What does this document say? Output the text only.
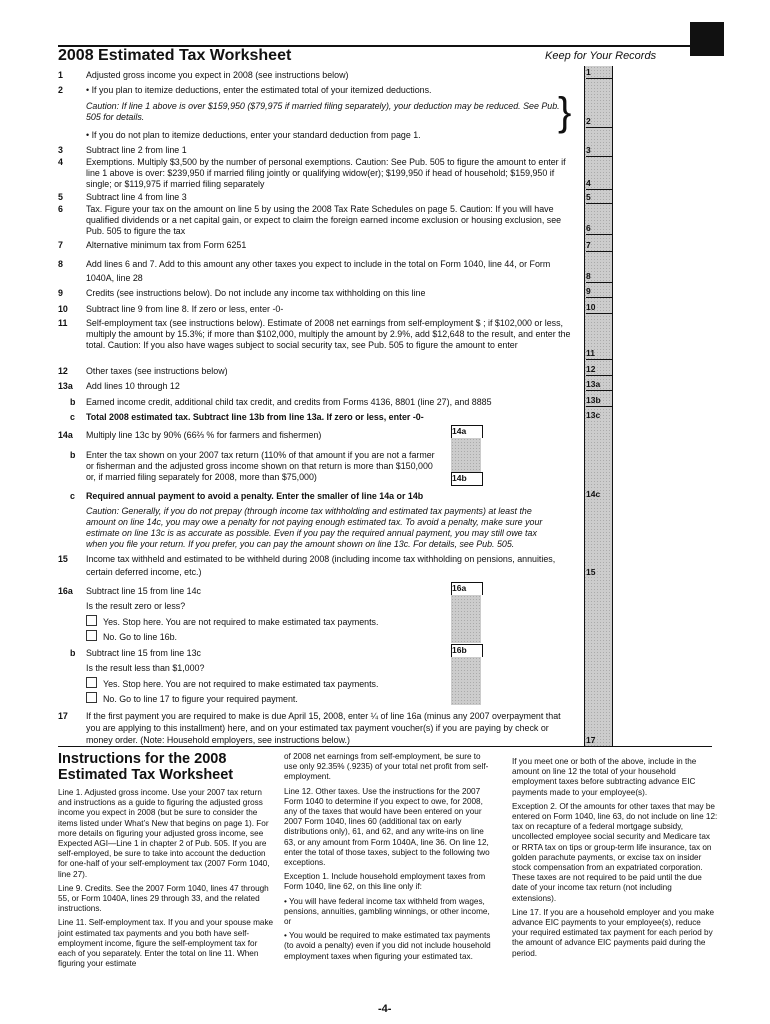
2008 Estimated Tax Worksheet	Keep for Your Records
1	Adjusted gross income you expect in 2008 (see instructions below)	1
2	• If you plan to itemize deductions, enter the estimated total of your itemized deductions.
Caution: If line 1 above is over $159,950 ($79,975 if married filing separately), your deduction may be reduced. See Pub. 505 for details.	}
• If you do not plan to itemize deductions, enter your standard deduction from page 1.
2
3	Subtract line 2 from line 1	3
4	Exemptions. Multiply $3,500 by the number of personal exemptions. Caution: See Pub. 505 to figure the amount to enter if line 1 above is over: $239,950 if married filing jointly or qualifying widow(er); $199,950 if head of household; $159,950 if single; or $119,975 if married filing separately	4
5	Subtract line 4 from line 3	5
6	Tax. Figure your tax on the amount on line 5 by using the 2008 Tax Rate Schedules on page 5. Caution: If you will have qualified dividends or a net capital gain, or expect to claim the foreign earned income exclusion or housing exclusion, see Pub. 505 to figure the tax	6
7	Alternative minimum tax from Form 6251	7
8	Add lines 6 and 7. Add to this amount any other taxes you expect to include in the total on Form 1040, line 44, or Form 1040A, line 28	8
9	Credits (see instructions below). Do not include any income tax withholding on this line	9
10 Subtract line 9 from line 8. If zero or less, enter -0-	10
11 Self-employment tax (see instructions below). Estimate of 2008 net earnings from self-employment $ ; if $102,000 or less, multiply the amount by 15.3%; if more than $102,000, multiply the amount by 2.9%, add $12,648 to the result, and enter the total. Caution: If you also have wages subject to social security tax, see Pub. 505 to figure the amount to enter
11
12 Other taxes (see instructions below)	12
13a Add lines 10 through 12	13a
b Earned income credit, additional child tax credit, and credits from Forms 4136, 8801 (line 27), and 8885	13b
c Total 2008 estimated tax. Subtract line 13b from line 13a. If zero or less, enter -0-	13c
14a Multiply line 13c by 90% (66⅔ % for farmers and fishermen)	14a
b Enter the tax shown on your 2007 tax return (110% of that amount if you are not a farmer or fisherman and the adjusted gross income shown on that return is more than $150,000 or, if married filing separately for 2008, more than $75,000)	14b
c Required annual payment to avoid a penalty. Enter the smaller of line 14a or 14b	14c
Caution: Generally, if you do not prepay (through income tax withholding and estimated tax payments) at least the amount on line 14c, you may owe a penalty for not paying enough estimated tax. To avoid a penalty, make sure your estimate on line 13c is as accurate as possible. Even if you pay the required annual payment, you may still owe tax when you file your return. If you prefer, you can pay the amount shown on line 13c. For details, see Pub. 505.
15 Income tax withheld and estimated to be withheld during 2008 (including income tax withholding on pensions, annuities, certain deferred income, etc.)	15
16a Subtract line 15 from line 14c	16a
Is the result zero or less?
Yes. Stop here. You are not required to make estimated tax payments.
No. Go to line 16b.
b Subtract line 15 from line 13c	16b
Is the result less than $1,000?
Yes. Stop here. You are not required to make estimated tax payments.
No. Go to line 17 to figure your required payment.
17 If the first payment you are required to make is due April 15, 2008, enter ¼ of line 16a (minus any 2007 overpayment that you are applying to this installment) here, and on your estimated tax payment voucher(s) if you are paying by check or money order. (Note: Household employers, see instructions below.)	17
Instructions for the 2008 Estimated Tax Worksheet

Line 1. Adjusted gross income. Use your 2007 tax return and instructions as a guide to figuring the adjusted gross income you expect in 2008 (but be sure to consider the items listed under What’s New that begins on page 1). For more details on figuring your adjusted gross income, see Expected AGI—Line 1 in chapter 2 of Pub. 505. If you are self-employed, be sure to take into account the deduction for one-half of your self-employment tax (2007 Form 1040, line 27).

Line 9. Credits. See the 2007 Form 1040, lines 47 through 55, or Form 1040A, lines 29 through 33, and the related instructions.

Line 11. Self-employment tax. If you and your spouse make joint estimated tax payments and you both have self-employment income, figure the self-employment tax for each of you separately. Enter the total on line 11. When figuring your estimate

of 2008 net earnings from self-employment, be sure to use only 92.35% (.9235) of your total net profit from self-employment.

Line 12. Other taxes. Use the instructions for the 2007 Form 1040 to determine if you expect to owe, for 2008, any of the taxes that would have been entered on your 2007 Form 1040, lines 60 (additional tax on early distributions only), 61, and 62, and any write-ins on line 63, or any amount from Form 1040A, line 36. On line 12, enter the total of those taxes, subject to the following two exceptions.

Exception 1. Include household employment taxes from Form 1040, line 62, on this line only if:

• You will have federal income tax withheld from wages, pensions, annuities, gambling winnings, or other income, or

• You would be required to make estimated tax payments (to avoid a penalty) even if you did not include household employment taxes when figuring your estimated tax.

If you meet one or both of the above, include in the amount on line 12 the total of your household employment taxes before subtracting advance EIC payments made to your employee(s).

Exception 2. Of the amounts for other taxes that may be entered on Form 1040, line 63, do not include on line 12: tax on recapture of a federal mortgage subsidy, uncollected employee social security and Medicare tax or RRTA tax on tips or group-term life insurance, tax on golden parachute payments, or excise tax on insider stock compensation from an expatriated corporation. These taxes are not required to be paid until the due date of your income tax return (not including extensions).

Line 17. If you are a household employer and you make advance EIC payments to your employee(s), reduce your required estimated tax payment for each period by the amount of advance EIC payments paid during the period.

-4-
